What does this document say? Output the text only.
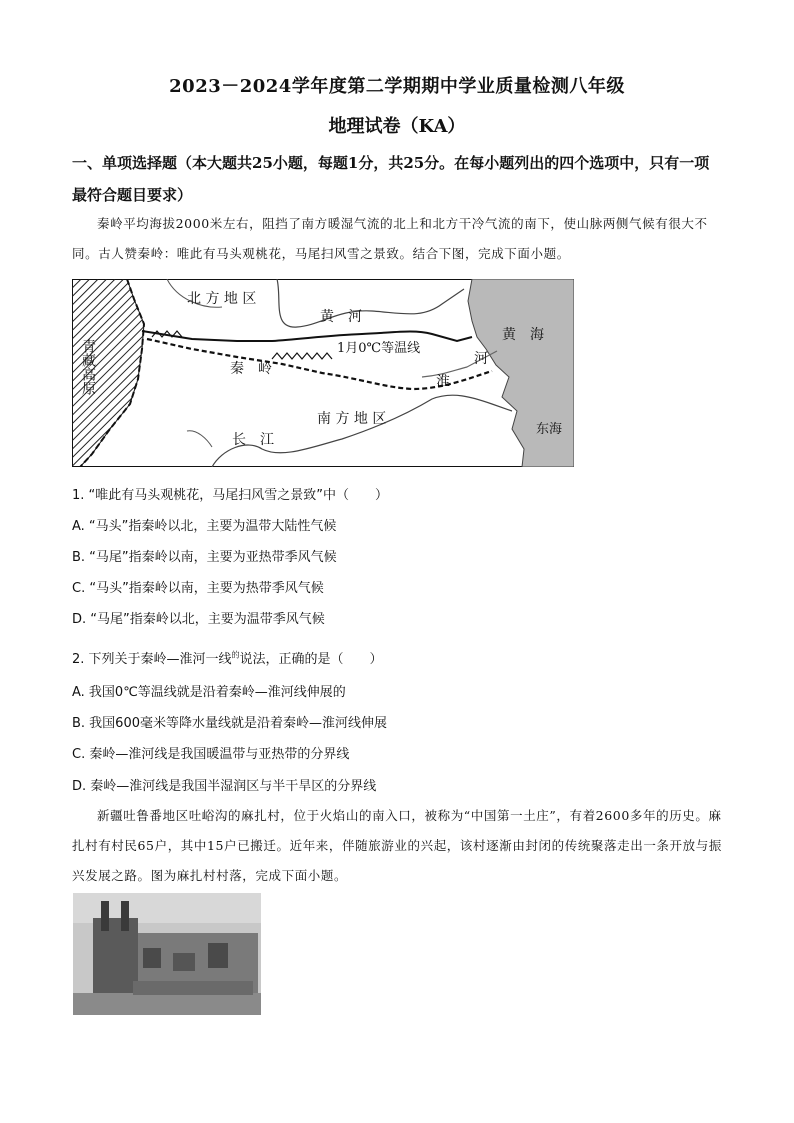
2023－2024学年度第二学期期中学业质量检测八年级
地理试卷（KA）
一、单项选择题（本大题共25小题，每题1分，共25分。在每小题列出的四个选项中，只有一项最符合题目要求）
秦岭平均海拔2000米左右，阻挡了南方暖湿气流的北上和北方干冷气流的南下，使山脉两侧气候有很大不同。古人赞秦岭：唯此有马头观桃花，马尾扫风雪之景致。结合下图，完成下面小题。
北 方 地 区
黄　河
黄　海
1月0℃等温线
秦　岭
河
淮
南 方 地 区
长　江
东海
青藏高原
1. “唯此有马头观桃花，马尾扫风雪之景致”中（　　）
A. “马头”指秦岭以北，主要为温带大陆性气候
B. “马尾”指秦岭以南，主要为亚热带季风气候
C. “马头”指秦岭以南，主要为热带季风气候
D. “马尾”指秦岭以北，主要为温带季风气候
2. 下列关于秦岭—淮河一线$^的$说法，正确的是（　　）
A. 我国0℃等温线就是沿着秦岭—淮河线伸展的
B. 我国600毫米等降水量线就是沿着秦岭—淮河线伸展
C. 秦岭—淮河线是我国暖温带与亚热带的分界线
D. 秦岭—淮河线是我国半湿润区与半干旱区的分界线
新疆吐鲁番地区吐峪沟的麻扎村，位于火焰山的南入口，被称为“中国第一土庄”，有着2600多年的历史。麻扎村有村民65户，其中15户已搬迁。近年来，伴随旅游业的兴起，该村逐渐由封闭的传统聚落走出一条开放与振兴发展之路。图为麻扎村村落，完成下面小题。
